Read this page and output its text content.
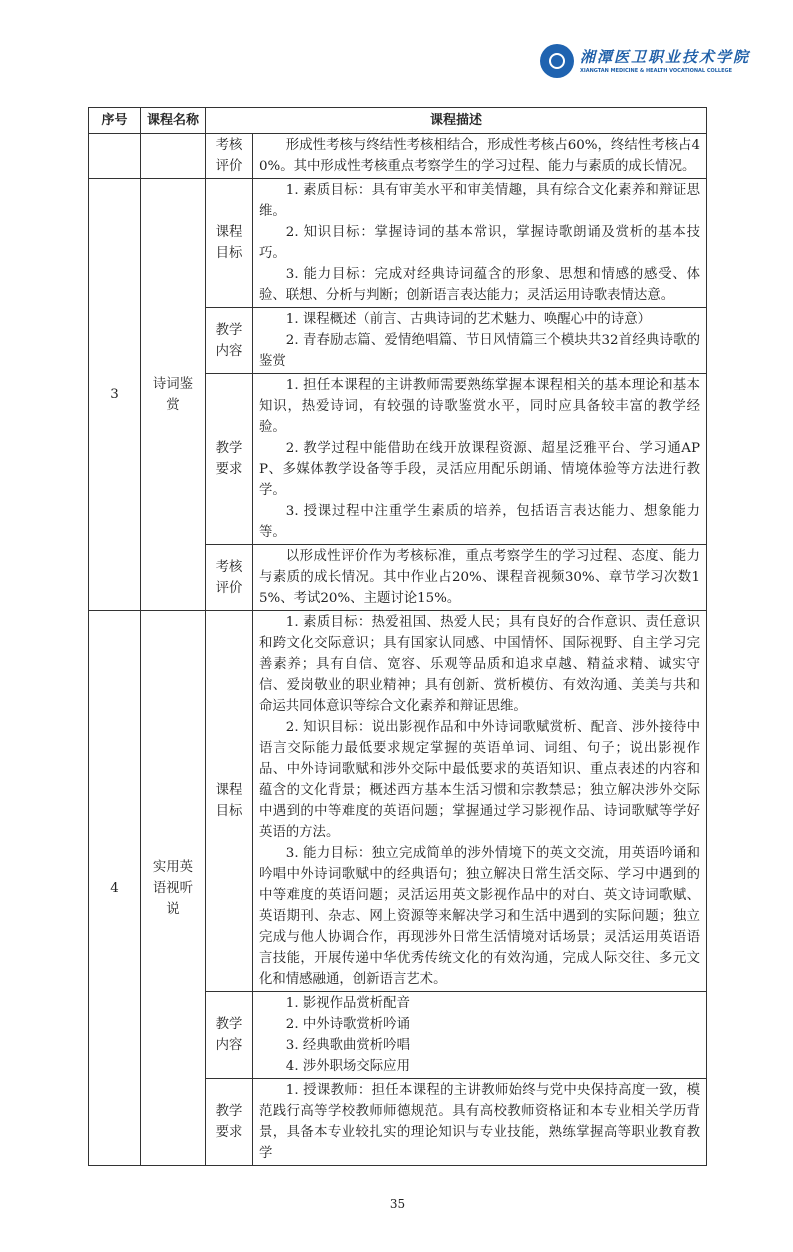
湘潭医卫职业技术学院
XIANGTAN MEDICINE & HEALTH VOCATIONAL COLLEGE
序号	课程名称	课程描述	
		考核评价	形成性考核与终结性考核相结合，形成性考核占60%，终结性考核占40%。其中形成性考核重点考察学生的学习过程、能力与素质的成长情况。

3	诗词鉴赏	课程目标	1. 素质目标：具有审美水平和审美情趣，具有综合文化素养和辩证思维。

2. 知识目标：掌握诗词的基本常识，掌握诗歌朗诵及赏析的基本技巧。

3. 能力目标：完成对经典诗词蕴含的形象、思想和情感的感受、体验、联想、分析与判断；创新语言表达能力；灵活运用诗歌表情达意。

		教学内容	1. 课程概述（前言、古典诗词的艺术魅力、唤醒心中的诗意）

2. 青春励志篇、爱情绝唱篇、节日风情篇三个模块共32首经典诗歌的鉴赏

		教学要求	1. 担任本课程的主讲教师需要熟练掌握本课程相关的基本理论和基本知识，热爱诗词，有较强的诗歌鉴赏水平，同时应具备较丰富的教学经验。

2. 教学过程中能借助在线开放课程资源、超星泛雅平台、学习通APP、多媒体教学设备等手段，灵活应用配乐朗诵、情境体验等方法进行教学。

3. 授课过程中注重学生素质的培养，包括语言表达能力、想象能力等。

		考核评价	以形成性评价作为考核标准，重点考察学生的学习过程、态度、能力与素质的成长情况。其中作业占20%、课程音视频30%、章节学习次数15%、考试20%、主题讨论15%。

4	实用英语视听说	课程目标	1. 素质目标：热爱祖国、热爱人民；具有良好的合作意识、责任意识和跨文化交际意识；具有国家认同感、中国情怀、国际视野、自主学习完善素养；具有自信、宽容、乐观等品质和追求卓越、精益求精、诚实守信、爱岗敬业的职业精神；具有创新、赏析模仿、有效沟通、美美与共和命运共同体意识等综合文化素养和辩证思维。

2. 知识目标：说出影视作品和中外诗词歌赋赏析、配音、涉外接待中语言交际能力最低要求规定掌握的英语单词、词组、句子；说出影视作品、中外诗词歌赋和涉外交际中最低要求的英语知识、重点表述的内容和蕴含的文化背景；概述西方基本生活习惯和宗教禁忌；独立解决涉外交际中遇到的中等难度的英语问题；掌握通过学习影视作品、诗词歌赋等学好英语的方法。

3. 能力目标：独立完成简单的涉外情境下的英文交流，用英语吟诵和吟唱中外诗词歌赋中的经典语句；独立解决日常生活交际、学习中遇到的中等难度的英语问题；灵活运用英文影视作品中的对白、英文诗词歌赋、英语期刊、杂志、网上资源等来解决学习和生活中遇到的实际问题；独立完成与他人协调合作，再现涉外日常生活情境对话场景；灵活运用英语语言技能，开展传递中华优秀传统文化的有效沟通，完成人际交往、多元文化和情感融通，创新语言艺术。

		教学内容	1. 影视作品赏析配音

2. 中外诗歌赏析吟诵

3. 经典歌曲赏析吟唱

4. 涉外职场交际应用

		教学要求	1. 授课教师：担任本课程的主讲教师始终与党中央保持高度一致，模范践行高等学校教师师德规范。具有高校教师资格证和本专业相关学历背景，具备本专业较扎实的理论知识与专业技能，熟练掌握高等职业教育教学

35
